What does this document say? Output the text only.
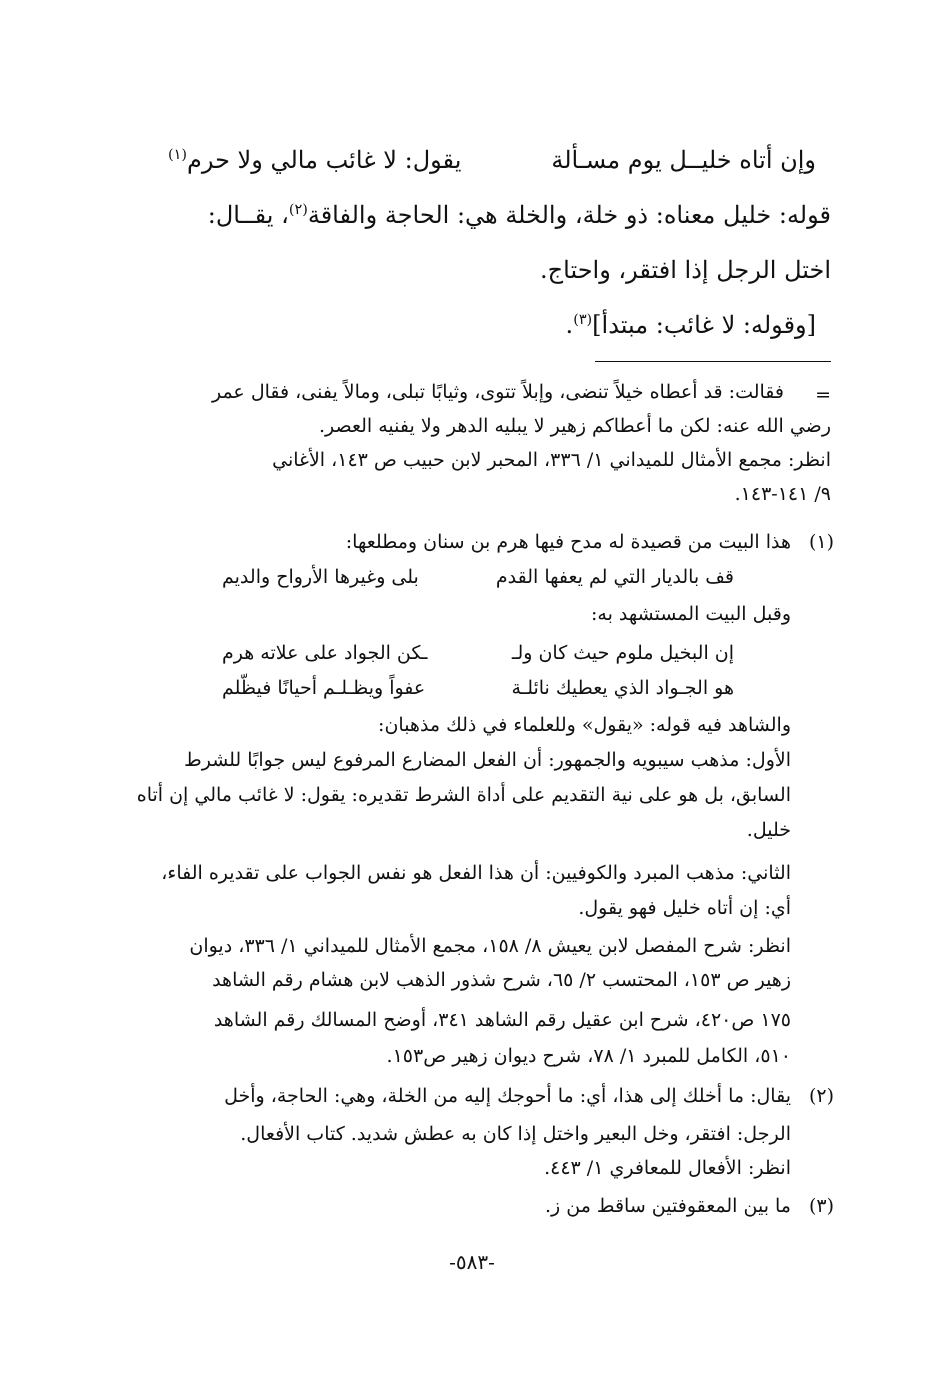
يقول: لا غائب مالي ولا حرم$^{(١)}$	وإن أتاه خليــل يوم مسـألة
قوله: خليل معناه: ذو خلة، والخلة هي: الحاجة والفاقة$^{(٢)}$، يقــال:
اختل الرجل إذا افتقر، واحتاج.
[وقوله: لا غائب: مبتدأ]$^{(٣)}$.
=
فقالت: قد أعطاه خيلاً تنضى، وإبلاً تتوى، وثيابًا تبلى، ومالاً يفنى، فقال عمر
رضي الله عنه: لكن ما أعطاكم زهير لا يبليه الدهر ولا يفنيه العصر.
انظر: مجمع الأمثال للميداني ١/ ٣٣٦، المحبر لابن حبيب ص ١٤٣، الأغاني
٩/ ١٤١-١٤٣.
(١)
هذا البيت من قصيدة له مدح فيها هرم بن سنان ومطلعها:
قف بالديار التي لم يعفها القدم
بلى وغيرها الأرواح والديم
وقبل البيت المستشهد به:
إن البخيل ملوم حيث كان ولـ
ـكن الجواد على علاته هرم
هو الجـواد الذي يعطيك نائلـة
عفواً ويظـلـم أحيانًا فيظّلم
والشاهد فيه قوله: «يقول» وللعلماء في ذلك مذهبان:
الأول: مذهب سيبويه والجمهور: أن الفعل المضارع المرفوع ليس جوابًا للشرط
السابق، بل هو على نية التقديم على أداة الشرط تقديره: يقول: لا غائب مالي إن أتاه
خليل.
الثاني: مذهب المبرد والكوفيين: أن هذا الفعل هو نفس الجواب على تقديره الفاء،
أي: إن أتاه خليل فهو يقول.
انظر: شرح المفصل لابن يعيش ٨/ ١٥٨، مجمع الأمثال للميداني ١/ ٣٣٦، ديوان
زهير ص ١٥٣، المحتسب ٢/ ٦٥، شرح شذور الذهب لابن هشام رقم الشاهد
١٧٥ ص٤٢٠، شرح ابن عقيل رقم الشاهد ٣٤١، أوضح المسالك رقم الشاهد
٥١٠، الكامل للمبرد ١/ ٧٨، شرح ديوان زهير ص١٥٣.
(٢)
يقال: ما أخلك إلى هذا، أي: ما أحوجك إليه من الخلة، وهي: الحاجة، وأخل
الرجل: افتقر، وخل البعير واختل إذا كان به عطش شديد. كتاب الأفعال.
انظر: الأفعال للمعافري ١/ ٤٤٣.
(٣)
ما بين المعقوفتين ساقط من ز.
-٥٨٣-
